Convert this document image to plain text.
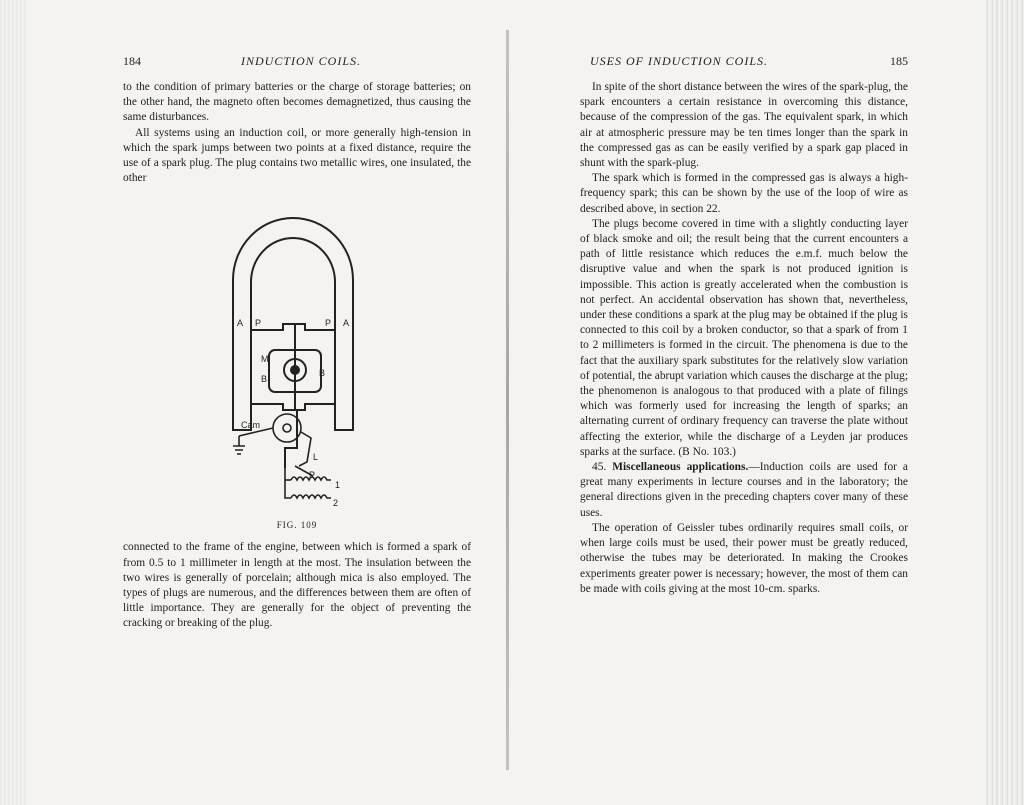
184	INDUCTION COILS.

to the condition of primary batteries or the charge of storage batteries; on the other hand, the magneto often becomes demagnetized, thus causing the same disturbances.

All systems using an induction coil, or more generally high-tension in which the spark jumps between two points at a fixed distance, require the use of a spark plug. The plug contains two metallic wires, one insulated, the other

A P	P A
M
B
B
Cam
L
P
1
2
FIG. 109

connected to the frame of the engine, between which is formed a spark of from 0.5 to 1 millimeter in length at the most. The insulation between the two wires is generally of porcelain; although mica is also employed. The types of plugs are numerous, and the differences between them are often of little importance. They are generally for the object of preventing the cracking or breaking of the plug.

USES OF INDUCTION COILS.	185

In spite of the short distance between the wires of the spark-plug, the spark encounters a certain resistance in overcoming this distance, because of the compression of the gas. The equivalent spark, in which air at atmospheric pressure may be ten times longer than the spark in the compressed gas as can be easily verified by a spark gap placed in shunt with the spark-plug.

The spark which is formed in the compressed gas is always a high-frequency spark; this can be shown by the use of the loop of wire as described above, in section 22.

The plugs become covered in time with a slightly conducting layer of black smoke and oil; the result being that the current encounters a path of little resistance which reduces the e.m.f. much below the disruptive value and when the spark is not produced ignition is impossible. This action is greatly accelerated when the combustion is not perfect. An accidental observation has shown that, nevertheless, under these conditions a spark at the plug may be obtained if the plug is connected to this coil by a broken conductor, so that a spark of from 1 to 2 millimeters is formed in the circuit. The phenomena is due to the fact that the auxiliary spark substitutes for the relatively slow variation of potential, the abrupt variation which causes the discharge at the plug; the phenomenon is analogous to that produced with a plate of filings which was formerly used for increasing the length of sparks; an alternating current of ordinary frequency can traverse the plate without affecting the exterior, while the discharge of a Leyden jar produces sparks at the surface. (B No. 103.)

45. Miscellaneous applications.—Induction coils are used for a great many experiments in lecture courses and in the laboratory; the general directions given in the preceding chapters cover many of these uses.

The operation of Geissler tubes ordinarily requires small coils, or when large coils must be used, their power must be greatly reduced, otherwise the tubes may be deteriorated. In making the Crookes experiments greater power is necessary; however, the most of them can be made with coils giving at the most 10-cm. sparks.
